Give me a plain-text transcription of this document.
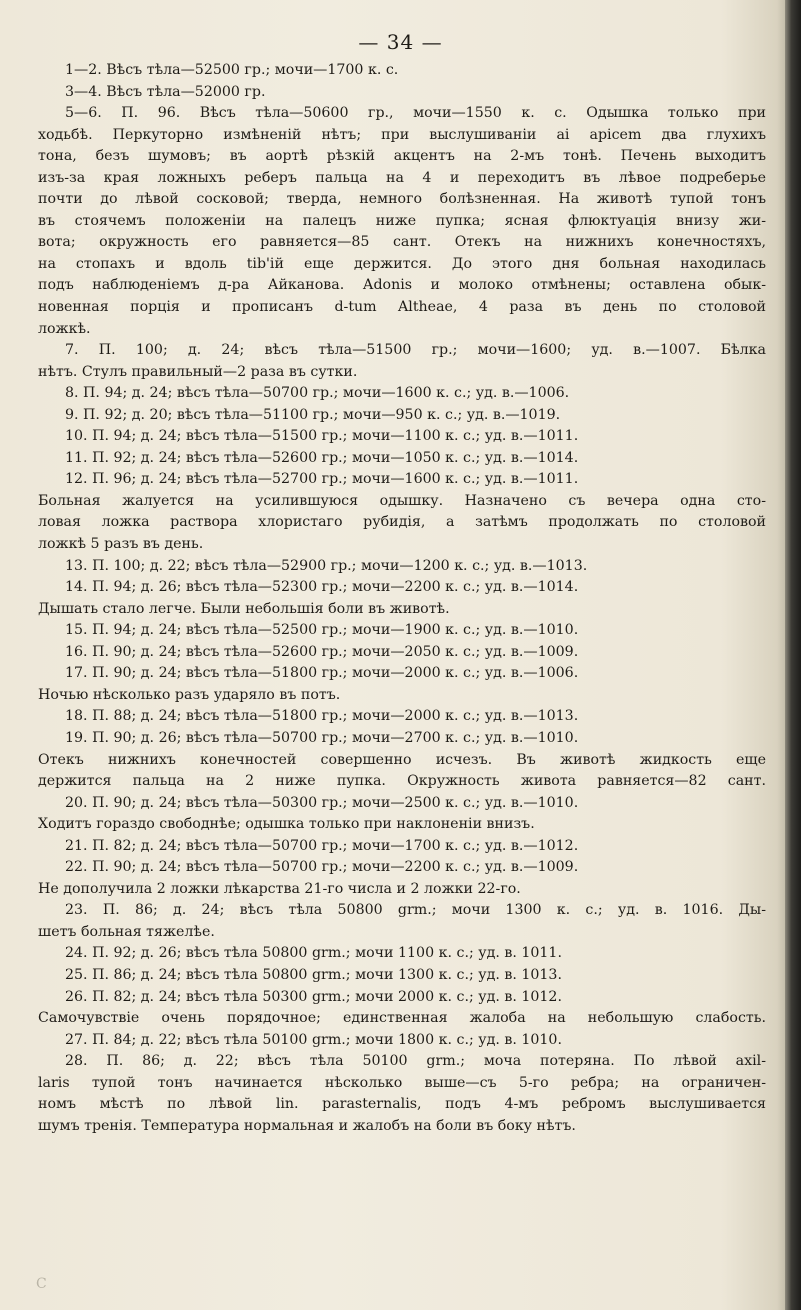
— 34 —
1—2. Вѣсъ тѣла—52500 гр.; мочи—1700 к. с.
3—4. Вѣсъ тѣла—52000 гр.
5—6. П. 96. Вѣсъ тѣла—50600 гр., мочи—1550 к. с. Одышка только при
ходьбѣ. Перкуторно измѣненій нѣтъ; при выслушиваніи аі аріcem два глухихъ
тона, безъ шумовъ; въ аортѣ рѣзкій акцентъ на 2-мъ тонѣ. Печень выходитъ
изъ-за края ложныхъ реберъ пальца на 4 и переходитъ въ лѣвое подреберье
почти до лѣвой сосковой; тверда, немного болѣзненная. На животѣ тупой тонъ
въ стоячемъ положеніи на палецъ ниже пупка; ясная флюктуація внизу жи-
вота; окружность его равняется—85 сант. Отекъ на нижнихъ конечностяхъ,
на стопахъ и вдоль tib'ій еще держится. До этого дня больная находилась
подъ наблюденіемъ д-ра Айканова. Аdonis и молоко отмѣнены; оставлена обык-
новенная порція и прописанъ d-tum Altheae, 4 раза въ день по столовой
ложкѣ.
7. П. 100; д. 24; вѣсъ тѣла—51500 гр.; мочи—1600; уд. в.—1007. Бѣлка
нѣтъ. Стулъ правильный—2 раза въ сутки.
8. П. 94; д. 24; вѣсъ тѣла—50700 гр.; мочи—1600 к. с.; уд. в.—1006.
9. П. 92; д. 20; вѣсъ тѣла—51100 гр.; мочи—950 к. с.; уд. в.—1019.
10. П. 94; д. 24; вѣсъ тѣла—51500 гр.; мочи—1100 к. с.; уд. в.—1011.
11. П. 92; д. 24; вѣсъ тѣла—52600 гр.; мочи—1050 к. с.; уд. в.—1014.
12. П. 96; д. 24; вѣсъ тѣла—52700 гр.; мочи—1600 к. с.; уд. в.—1011.
Больная жалуется на усилившуюся одышку. Назначено съ вечера одна сто-
ловая ложка раствора хлористаго рубидія, а затѣмъ продолжать по столовой
ложкѣ 5 разъ въ день.
13. П. 100; д. 22; вѣсъ тѣла—52900 гр.; мочи—1200 к. с.; уд. в.—1013.
14. П. 94; д. 26; вѣсъ тѣла—52300 гр.; мочи—2200 к. с.; уд. в.—1014.
Дышать стало легче. Были небольшія боли въ животѣ.
15. П. 94; д. 24; вѣсъ тѣла—52500 гр.; мочи—1900 к. с.; уд. в.—1010.
16. П. 90; д. 24; вѣсъ тѣла—52600 гр.; мочи—2050 к. с.; уд. в.—1009.
17. П. 90; д. 24; вѣсъ тѣла—51800 гр.; мочи—2000 к. с.; уд. в.—1006.
Ночью нѣсколько разъ ударяло въ потъ.
18. П. 88; д. 24; вѣсъ тѣла—51800 гр.; мочи—2000 к. с.; уд. в.—1013.
19. П. 90; д. 26; вѣсъ тѣла—50700 гр.; мочи—2700 к. с.; уд. в.—1010.
Отекъ нижнихъ конечностей совершенно исчезъ. Въ животѣ жидкость еще
держится пальца на 2 ниже пупка. Окружность живота равняется—82 сант.
20. П. 90; д. 24; вѣсъ тѣла—50300 гр.; мочи—2500 к. с.; уд. в.—1010.
Ходитъ гораздо свободнѣе; одышка только при наклоненіи внизъ.
21. П. 82; д. 24; вѣсъ тѣла—50700 гр.; мочи—1700 к. с.; уд. в.—1012.
22. П. 90; д. 24; вѣсъ тѣла—50700 гр.; мочи—2200 к. с.; уд. в.—1009.
Не дополучила 2 ложки лѣкарства 21-го числа и 2 ложки 22-го.
23. П. 86; д. 24; вѣсъ тѣла 50800 grm.; мочи 1300 к. с.; уд. в. 1016. Ды-
шетъ больная тяжелѣе.
24. П. 92; д. 26; вѣсъ тѣла 50800 grm.; мочи 1100 к. с.; уд. в. 1011.
25. П. 86; д. 24; вѣсъ тѣла 50800 grm.; мочи 1300 к. с.; уд. в. 1013.
26. П. 82; д. 24; вѣсъ тѣла 50300 grm.; мочи 2000 к. с.; уд. в. 1012.
Самочувствіе очень порядочное; единственная жалоба на небольшую слабость.
27. П. 84; д. 22; вѣсъ тѣла 50100 grm.; мочи 1800 к. с.; уд. в. 1010.
28. П. 86; д. 22; вѣсъ тѣла 50100 grm.; моча потеряна. По лѣвой axil-
laris тупой тонъ начинается нѣсколько выше—съ 5-го ребра; на ограничен-
номъ мѣстѣ по лѣвой lin. parasternalis, подъ 4-мъ ребромъ выслушивается
шумъ тренія. Температура нормальная и жалобъ на боли въ боку нѣтъ.
С
